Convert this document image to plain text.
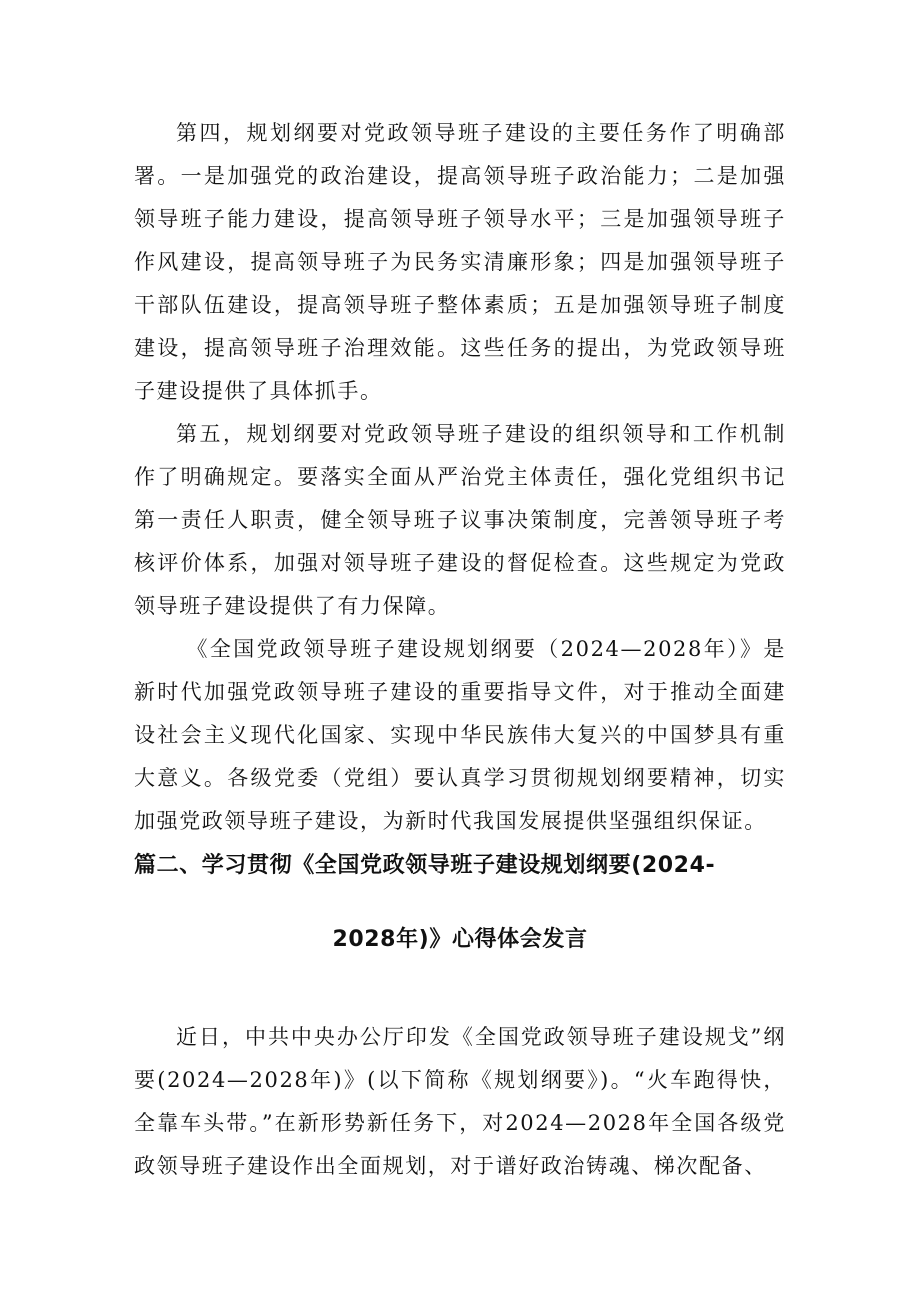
第四，规划纲要对党政领导班子建设的主要任务作了明确部署。一是加强党的政治建设，提高领导班子政治能力；二是加强领导班子能力建设，提高领导班子领导水平；三是加强领导班子作风建设，提高领导班子为民务实清廉形象；四是加强领导班子干部队伍建设，提高领导班子整体素质；五是加强领导班子制度建设，提高领导班子治理效能。这些任务的提出，为党政领导班子建设提供了具体抓手。

第五，规划纲要对党政领导班子建设的组织领导和工作机制作了明确规定。要落实全面从严治党主体责任，强化党组织书记第一责任人职责，健全领导班子议事决策制度，完善领导班子考核评价体系，加强对领导班子建设的督促检查。这些规定为党政领导班子建设提供了有力保障。

《全国党政领导班子建设规划纲要（2024—2028年）》是新时代加强党政领导班子建设的重要指导文件，对于推动全面建设社会主义现代化国家、实现中华民族伟大复兴的中国梦具有重大意义。各级党委（党组）要认真学习贯彻规划纲要精神，切实加强党政领导班子建设，为新时代我国发展提供坚强组织保证。

篇二、学习贯彻《全国党政领导班子建设规划纲要(2024-
2028年)》心得体会发言

近日，中共中央办公厅印发《全国党政领导班子建设规戈”纲要(2024—2028年)》(以下简称《规划纲要》)。“火车跑得快，全靠车头带。”在新形势新任务下，对2024—2028年全国各级党政领导班子建设作出全面规划，对于谱好政治铸魂、梯次配备、
